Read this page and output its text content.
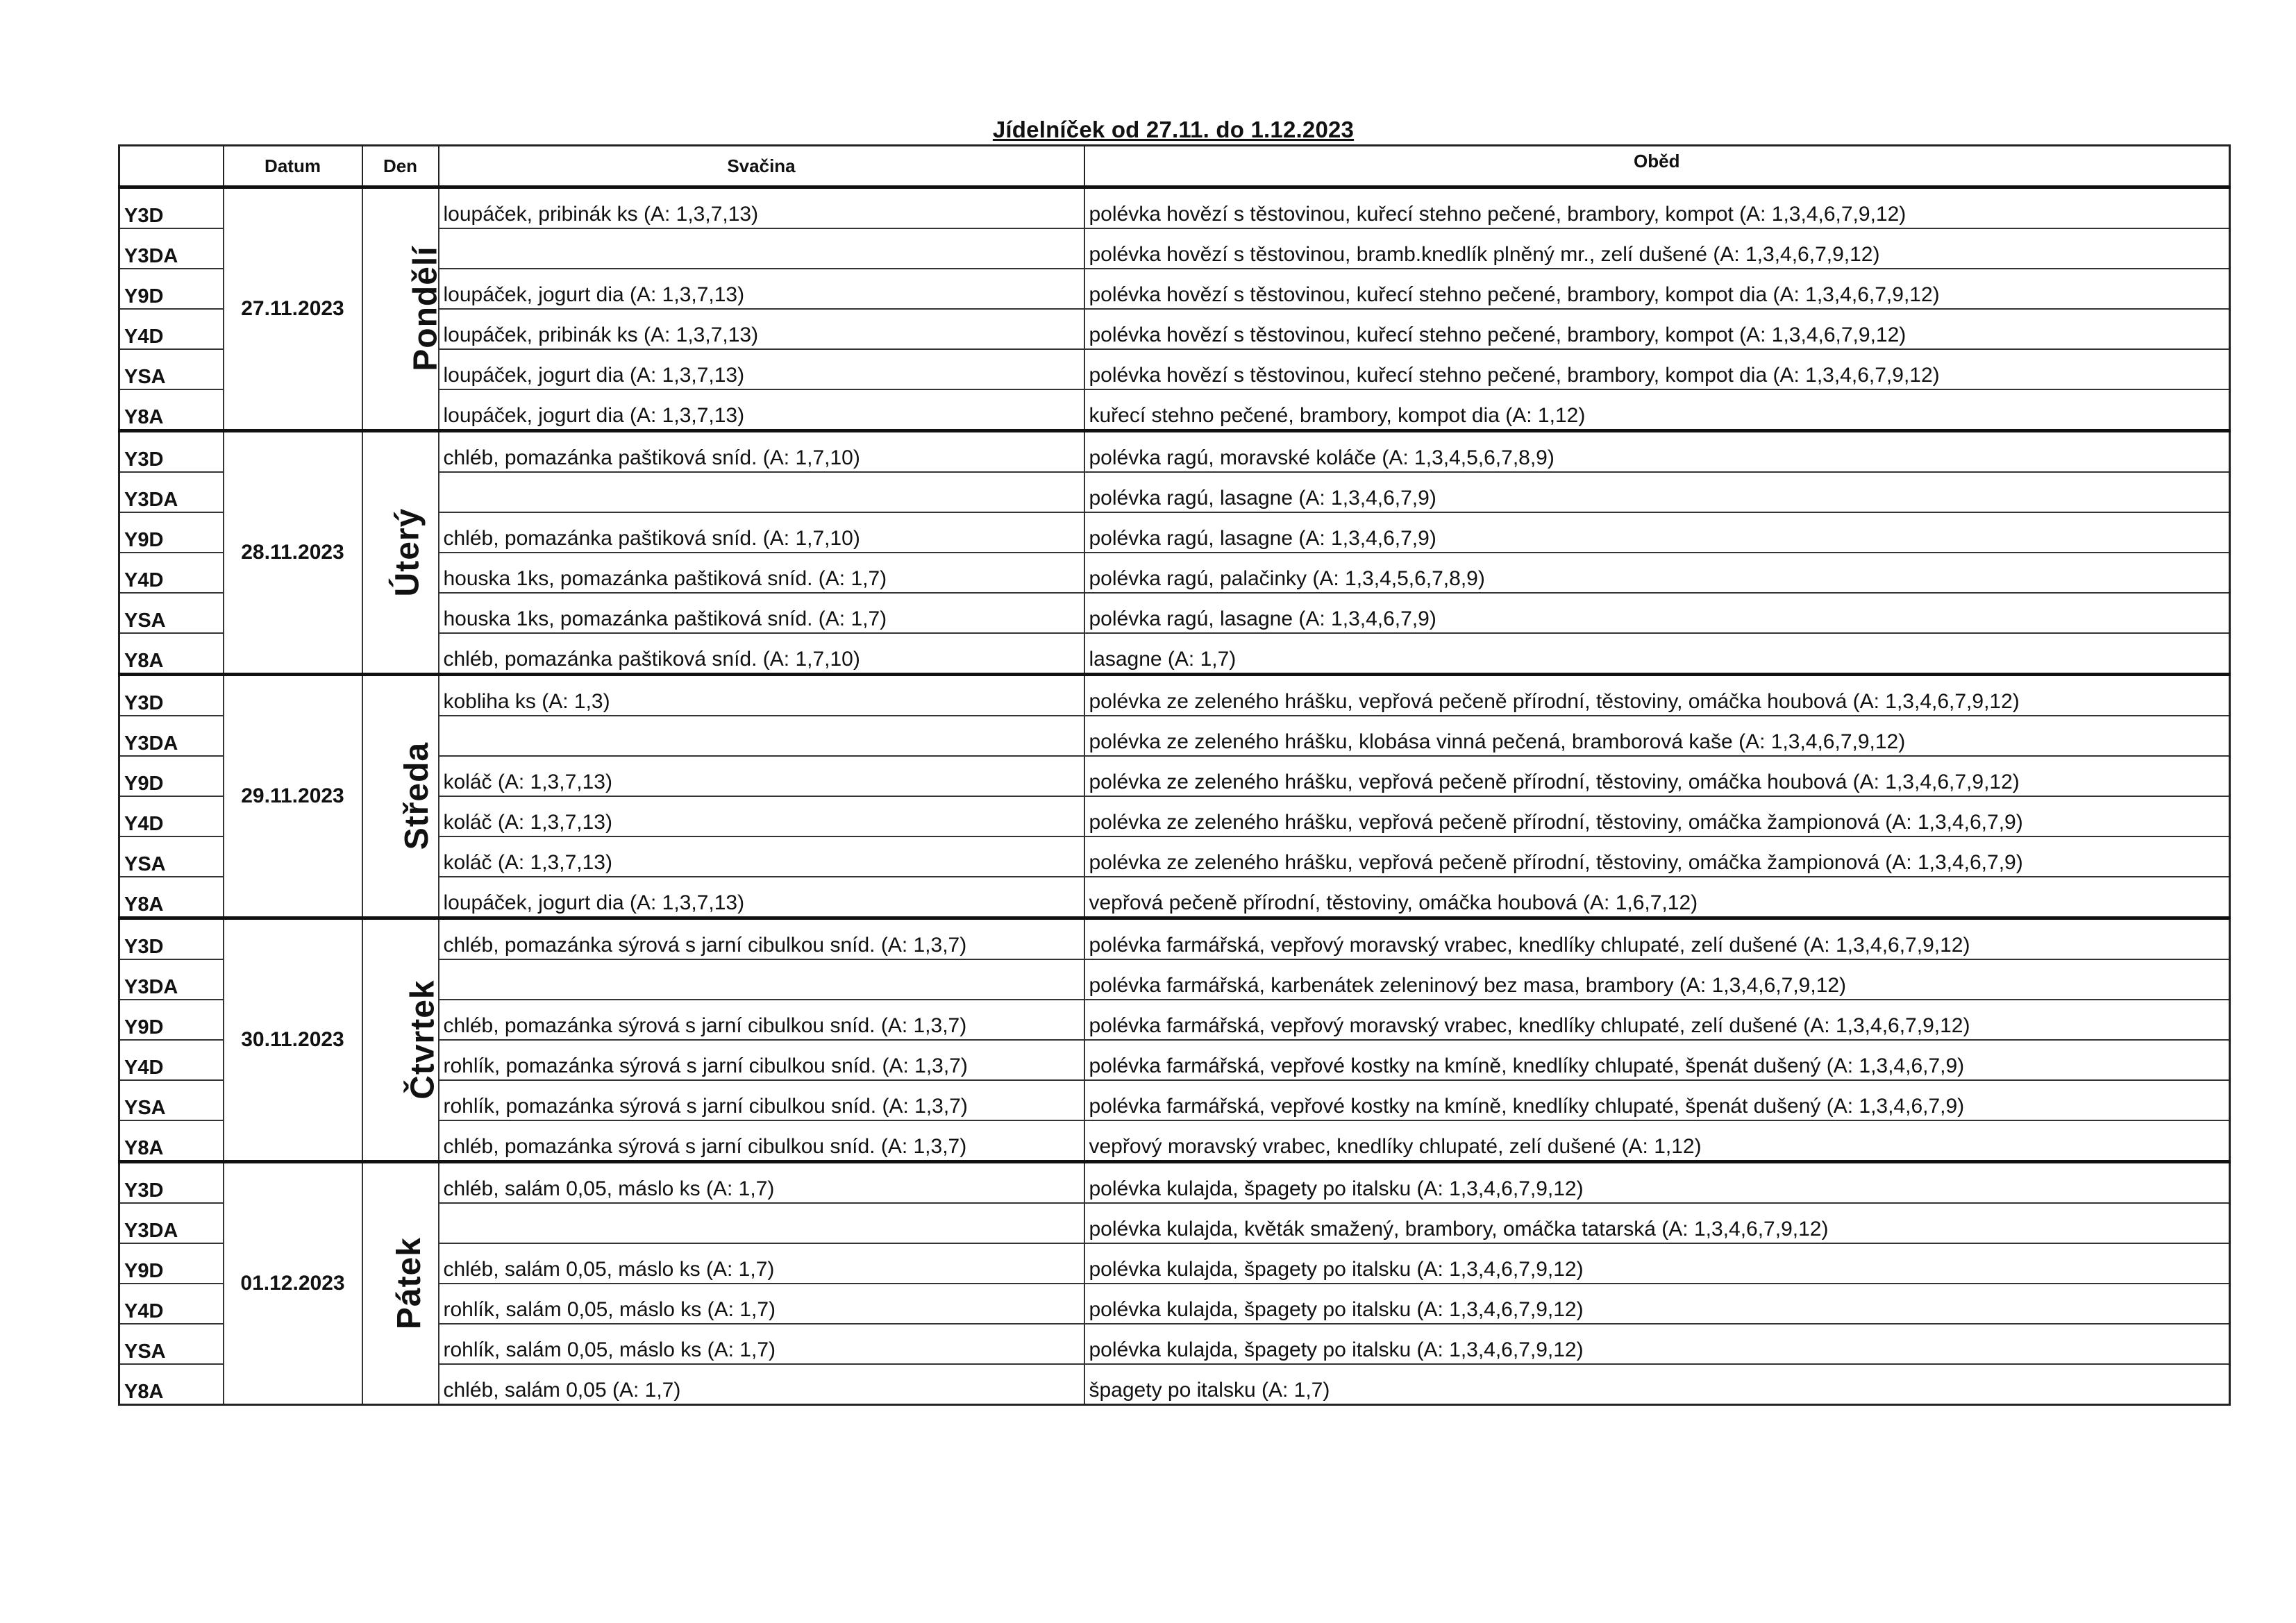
Jídelníček od 27.11. do 1.12.2023
	Datum	Den	Svačina	Oběd
Y3D	27.11.2023	Pondělí	loupáček, pribinák ks (A: 1,3,7,13)	polévka hovězí s těstovinou, kuřecí stehno pečené, brambory, kompot (A: 1,3,4,6,7,9,12)
Y3DA				polévka hovězí s těstovinou, bramb.knedlík plněný mr., zelí dušené (A: 1,3,4,6,7,9,12)
Y9D			loupáček, jogurt dia (A: 1,3,7,13)	polévka hovězí s těstovinou, kuřecí stehno pečené, brambory, kompot dia (A: 1,3,4,6,7,9,12)
Y4D			loupáček, pribinák ks (A: 1,3,7,13)	polévka hovězí s těstovinou, kuřecí stehno pečené, brambory, kompot (A: 1,3,4,6,7,9,12)
YSA			loupáček, jogurt dia (A: 1,3,7,13)	polévka hovězí s těstovinou, kuřecí stehno pečené, brambory, kompot dia (A: 1,3,4,6,7,9,12)
Y8A			loupáček, jogurt dia (A: 1,3,7,13)	kuřecí stehno pečené, brambory, kompot dia (A: 1,12)
Y3D	28.11.2023	Úterý	chléb, pomazánka paštiková sníd. (A: 1,7,10)	polévka ragú, moravské koláče (A: 1,3,4,5,6,7,8,9)
Y3DA				polévka ragú, lasagne (A: 1,3,4,6,7,9)
Y9D			chléb, pomazánka paštiková sníd. (A: 1,7,10)	polévka ragú, lasagne (A: 1,3,4,6,7,9)
Y4D			houska 1ks, pomazánka paštiková sníd. (A: 1,7)	polévka ragú, palačinky (A: 1,3,4,5,6,7,8,9)
YSA			houska 1ks, pomazánka paštiková sníd. (A: 1,7)	polévka ragú, lasagne (A: 1,3,4,6,7,9)
Y8A			chléb, pomazánka paštiková sníd. (A: 1,7,10)	lasagne (A: 1,7)
Y3D	29.11.2023	Středa	kobliha ks (A: 1,3)	polévka ze zeleného hrášku, vepřová pečeně přírodní, těstoviny, omáčka houbová (A: 1,3,4,6,7,9,12)
Y3DA				polévka ze zeleného hrášku, klobása vinná pečená, bramborová kaše (A: 1,3,4,6,7,9,12)
Y9D			koláč (A: 1,3,7,13)	polévka ze zeleného hrášku, vepřová pečeně přírodní, těstoviny, omáčka houbová (A: 1,3,4,6,7,9,12)
Y4D			koláč (A: 1,3,7,13)	polévka ze zeleného hrášku, vepřová pečeně přírodní, těstoviny, omáčka žampionová (A: 1,3,4,6,7,9)
YSA			koláč (A: 1,3,7,13)	polévka ze zeleného hrášku, vepřová pečeně přírodní, těstoviny, omáčka žampionová (A: 1,3,4,6,7,9)
Y8A			loupáček, jogurt dia (A: 1,3,7,13)	vepřová pečeně přírodní, těstoviny, omáčka houbová (A: 1,6,7,12)
Y3D	30.11.2023	Čtvrtek	chléb, pomazánka sýrová s jarní cibulkou sníd. (A: 1,3,7)	polévka farmářská, vepřový moravský vrabec, knedlíky chlupaté, zelí dušené (A: 1,3,4,6,7,9,12)
Y3DA				polévka farmářská, karbenátek zeleninový bez masa, brambory (A: 1,3,4,6,7,9,12)
Y9D			chléb, pomazánka sýrová s jarní cibulkou sníd. (A: 1,3,7)	polévka farmářská, vepřový moravský vrabec, knedlíky chlupaté, zelí dušené (A: 1,3,4,6,7,9,12)
Y4D			rohlík, pomazánka sýrová s jarní cibulkou sníd. (A: 1,3,7)	polévka farmářská, vepřové kostky na kmíně, knedlíky chlupaté, špenát dušený (A: 1,3,4,6,7,9)
YSA			rohlík, pomazánka sýrová s jarní cibulkou sníd. (A: 1,3,7)	polévka farmářská, vepřové kostky na kmíně, knedlíky chlupaté, špenát dušený (A: 1,3,4,6,7,9)
Y8A			chléb, pomazánka sýrová s jarní cibulkou sníd. (A: 1,3,7)	vepřový moravský vrabec, knedlíky chlupaté, zelí dušené (A: 1,12)
Y3D	01.12.2023	Pátek	chléb, salám 0,05, máslo ks (A: 1,7)	polévka kulajda, špagety po italsku (A: 1,3,4,6,7,9,12)
Y3DA				polévka kulajda, květák smažený, brambory, omáčka tatarská (A: 1,3,4,6,7,9,12)
Y9D			chléb, salám 0,05, máslo ks (A: 1,7)	polévka kulajda, špagety po italsku (A: 1,3,4,6,7,9,12)
Y4D			rohlík, salám 0,05, máslo ks (A: 1,7)	polévka kulajda, špagety po italsku (A: 1,3,4,6,7,9,12)
YSA			rohlík, salám 0,05, máslo ks (A: 1,7)	polévka kulajda, špagety po italsku (A: 1,3,4,6,7,9,12)
Y8A			chléb, salám 0,05 (A: 1,7)	špagety po italsku (A: 1,7)
